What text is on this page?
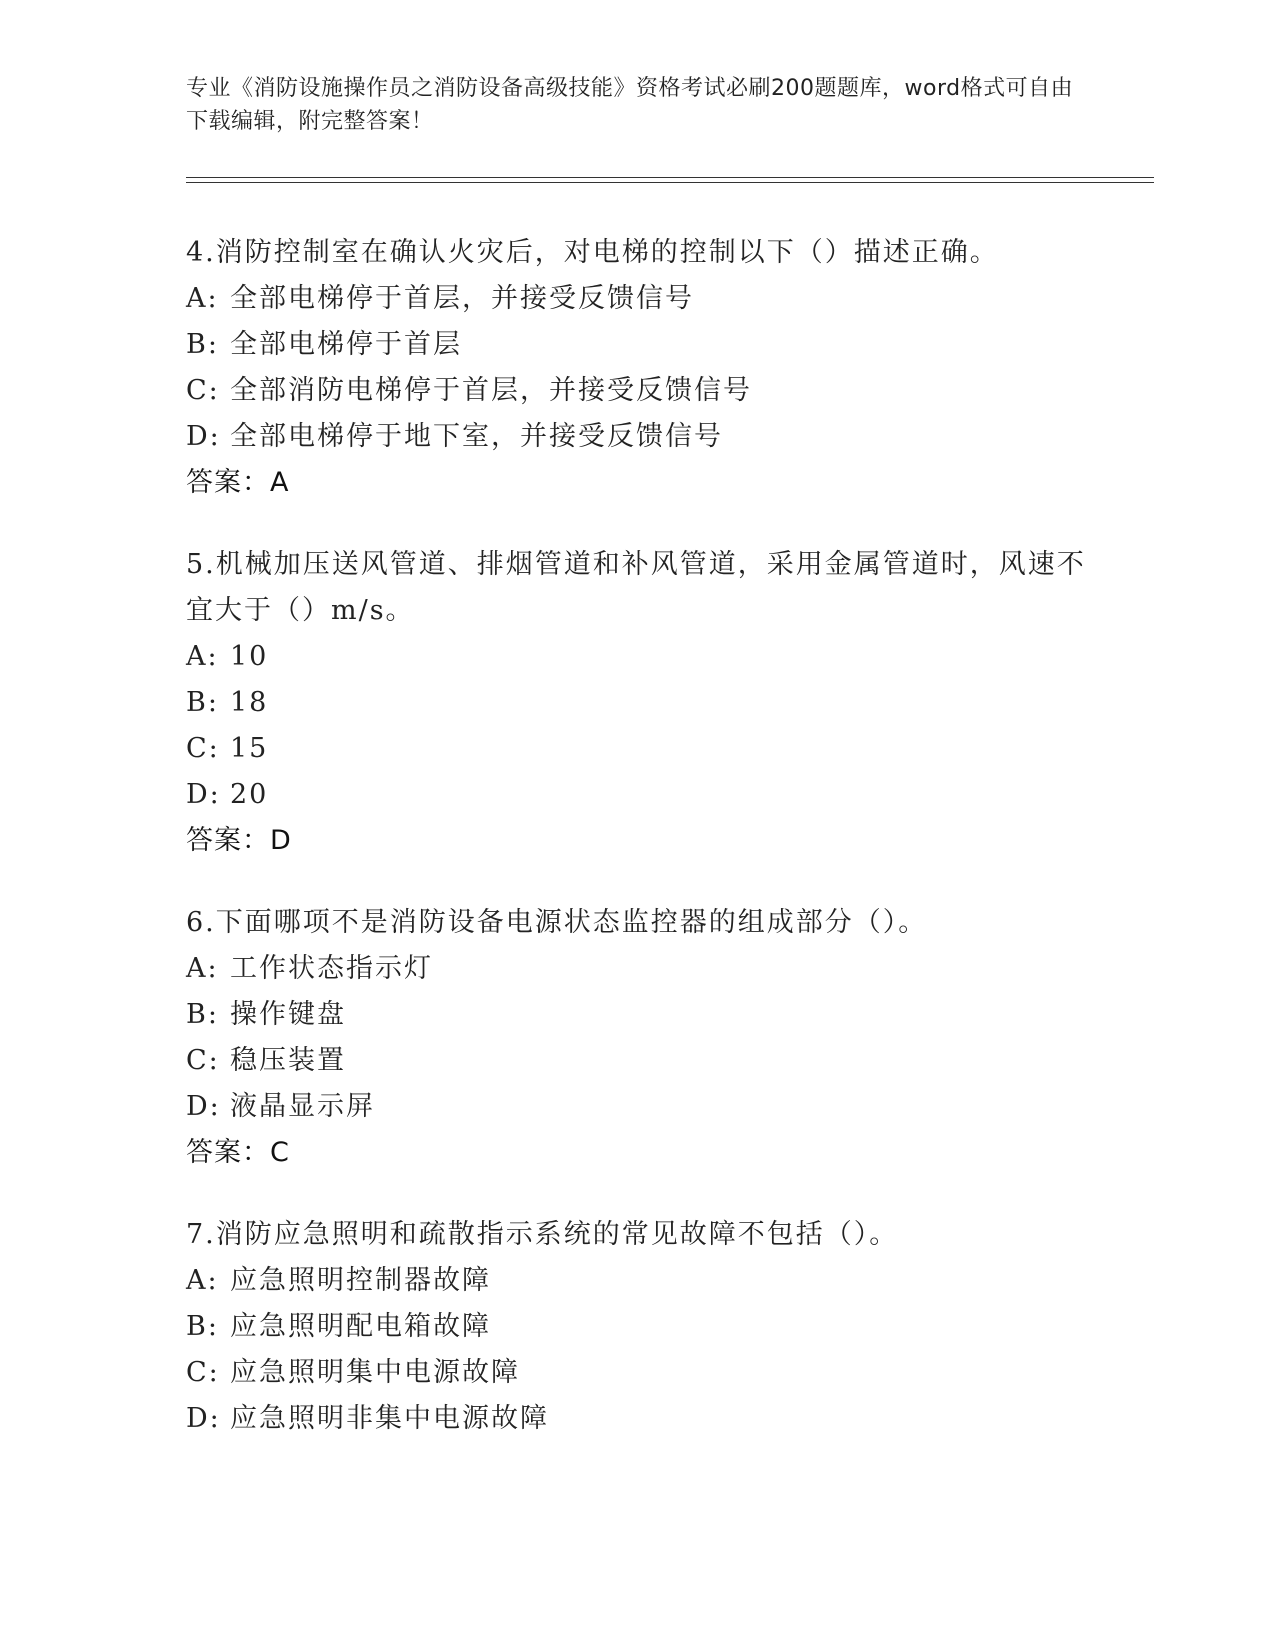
专业《消防设施操作员之消防设备高级技能》资格考试必刷200题题库，word格式可自由下载编辑，附完整答案！
4.消防控制室在确认火灾后，对电梯的控制以下（）描述正确。
A: 全部电梯停于首层，并接受反馈信号
B: 全部电梯停于首层
C: 全部消防电梯停于首层，并接受反馈信号
D: 全部电梯停于地下室，并接受反馈信号
答案：A
5.机械加压送风管道、排烟管道和补风管道，采用金属管道时，风速不宜大于（）m/s。
A: 10
B: 18
C: 15
D: 20
答案：D
6.下面哪项不是消防设备电源状态监控器的组成部分（）。
A: 工作状态指示灯
B: 操作键盘
C: 稳压装置
D: 液晶显示屏
答案：C
7.消防应急照明和疏散指示系统的常见故障不包括（）。
A: 应急照明控制器故障
B: 应急照明配电箱故障
C: 应急照明集中电源故障
D: 应急照明非集中电源故障
